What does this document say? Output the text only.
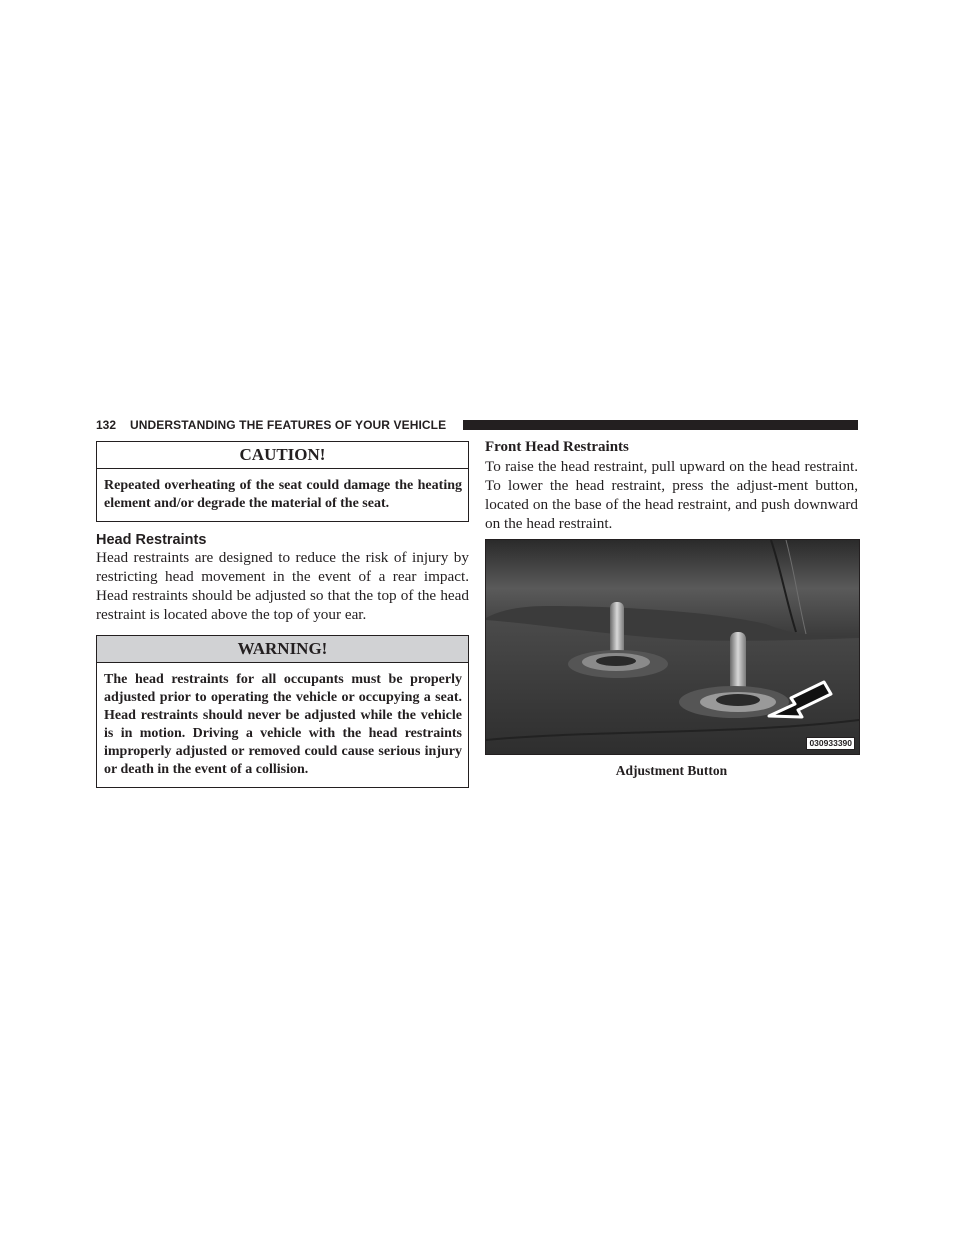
132 UNDERSTANDING THE FEATURES OF YOUR VEHICLE
CAUTION!
Repeated overheating of the seat could damage the heating element and/or degrade the material of the seat.
Head Restraints

Head restraints are designed to reduce the risk of injury by restricting head movement in the event of a rear impact. Head restraints should be adjusted so that the top of the head restraint is located above the top of your ear.

WARNING!
The head restraints for all occupants must be properly adjusted prior to operating the vehicle or occupying a seat. Head restraints should never be adjusted while the vehicle is in motion. Driving a vehicle with the head restraints improperly adjusted or removed could cause serious injury or death in the event of a collision.
Front Head Restraints

To raise the head restraint, pull upward on the head restraint. To lower the head restraint, press the adjust-ment button, located on the base of the head restraint, and push downward on the head restraint.

030933390
Adjustment Button
